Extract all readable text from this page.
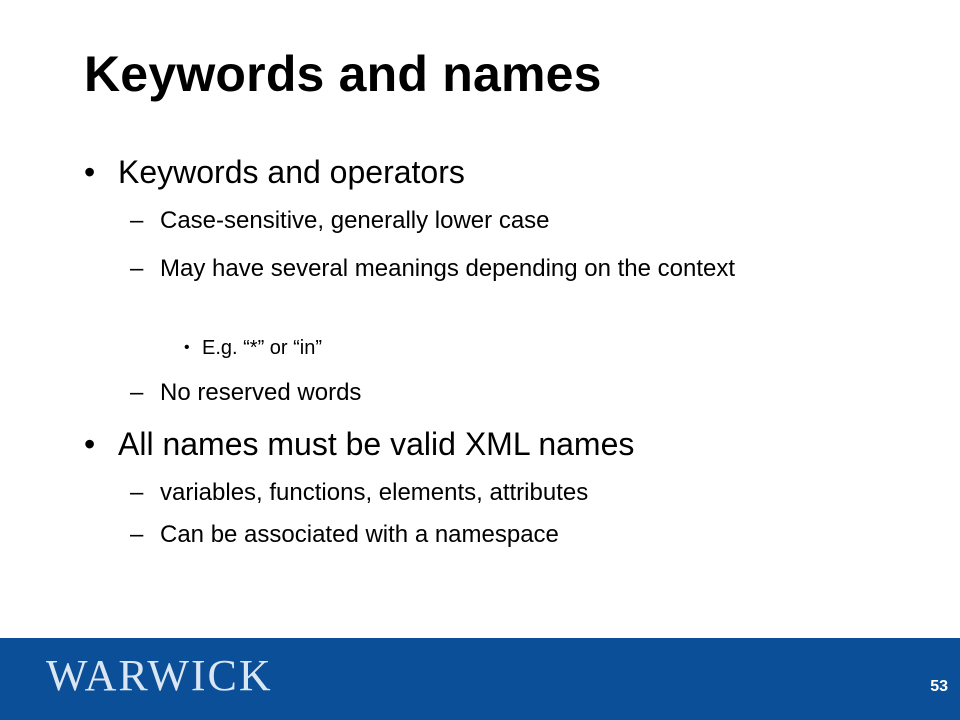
Keywords and names
• Keywords and operators
– Case-sensitive, generally lower case
– May have several meanings depending on the context
• E.g. “*” or “in”
– No reserved words
• All names must be valid XML names
– variables, functions, elements, attributes
– Can be associated with a namespace
WARWICK	53
